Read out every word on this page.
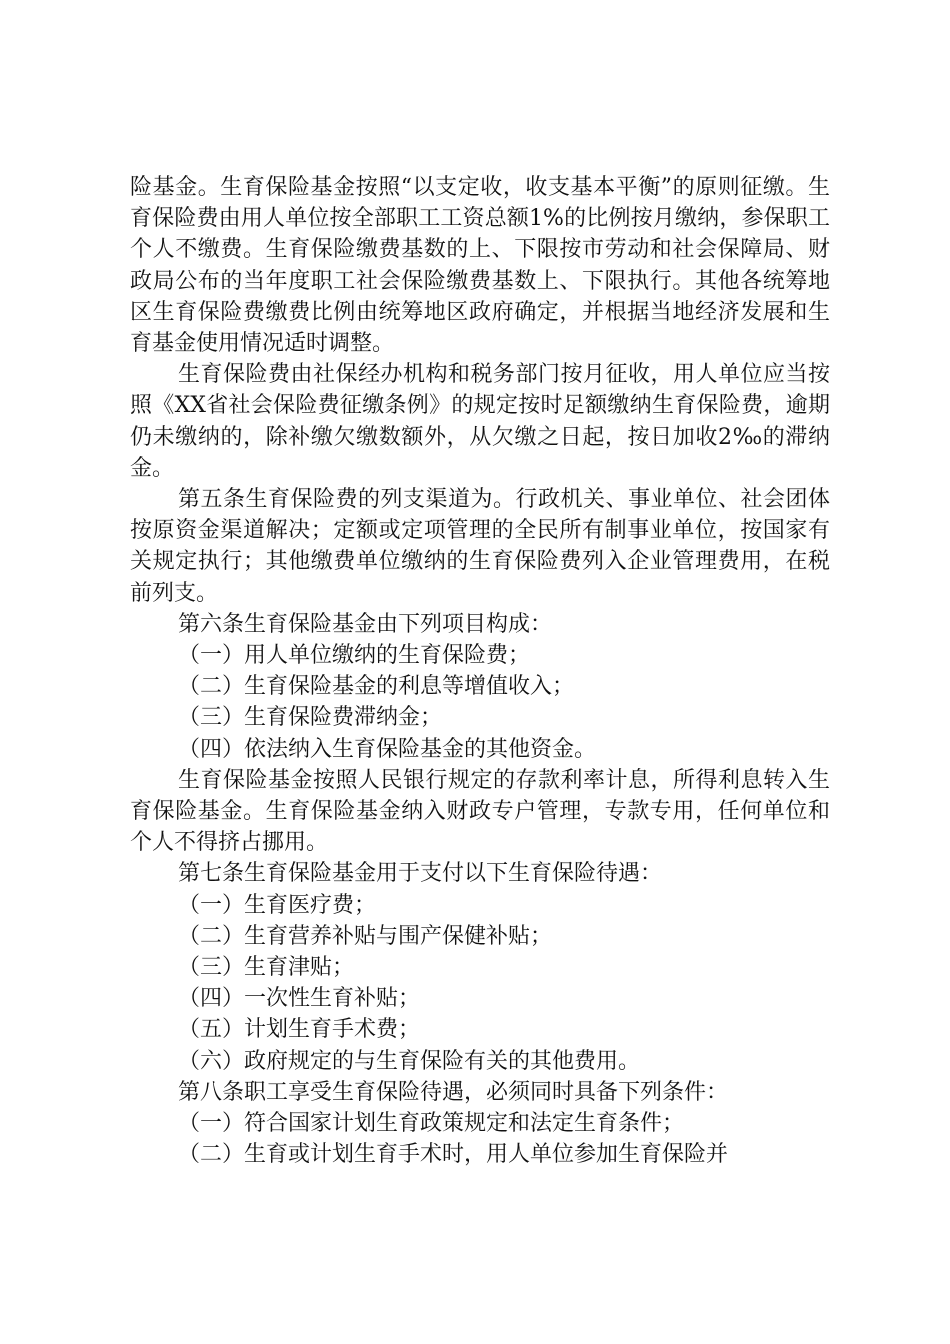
险基金。生育保险基金按照“以支定收，收支基本平衡”的原则征缴。生育保险费由用人单位按全部职工工资总额1%的比例按月缴纳，参保职工个人不缴费。生育保险缴费基数的上、下限按市劳动和社会保障局、财政局公布的当年度职工社会保险缴费基数上、下限执行。其他各统筹地区生育保险费缴费比例由统筹地区政府确定，并根据当地经济发展和生育基金使用情况适时调整。

生育保险费由社保经办机构和税务部门按月征收，用人单位应当按照《XX省社会保险费征缴条例》的规定按时足额缴纳生育保险费，逾期仍未缴纳的，除补缴欠缴数额外，从欠缴之日起，按日加收2‰的滞纳金。

第五条生育保险费的列支渠道为。行政机关、事业单位、社会团体按原资金渠道解决；定额或定项管理的全民所有制事业单位，按国家有关规定执行；其他缴费单位缴纳的生育保险费列入企业管理费用，在税前列支。

第六条生育保险基金由下列项目构成：

（一）用人单位缴纳的生育保险费；

（二）生育保险基金的利息等增值收入；

（三）生育保险费滞纳金；

（四）依法纳入生育保险基金的其他资金。

生育保险基金按照人民银行规定的存款利率计息，所得利息转入生育保险基金。生育保险基金纳入财政专户管理，专款专用，任何单位和个人不得挤占挪用。

第七条生育保险基金用于支付以下生育保险待遇：

（一）生育医疗费；

（二）生育营养补贴与围产保健补贴；

（三）生育津贴；

（四）一次性生育补贴；

（五）计划生育手术费；

（六）政府规定的与生育保险有关的其他费用。

第八条职工享受生育保险待遇，必须同时具备下列条件：

（一）符合国家计划生育政策规定和法定生育条件；

（二）生育或计划生育手术时，用人单位参加生育保险并
